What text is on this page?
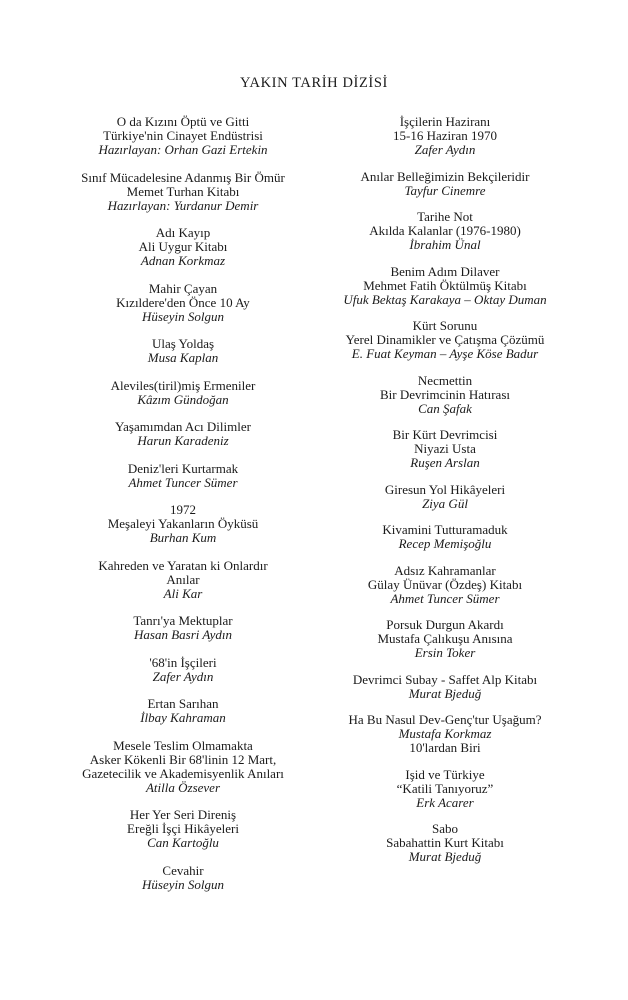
YAKIN TARİH DİZİSİ
O da Kızını Öptü ve Gitti
Türkiye'nin Cinayet Endüstrisi
Hazırlayan: Orhan Gazi Ertekin
Sınıf Mücadelesine Adanmış Bir Ömür
Memet Turhan Kitabı
Hazırlayan: Yurdanur Demir
Adı Kayıp
Ali Uygur Kitabı
Adnan Korkmaz
Mahir Çayan
Kızıldere'den Önce 10 Ay
Hüseyin Solgun
Ulaş Yoldaş
Musa Kaplan
Aleviles(tiril)miş Ermeniler
Kâzım Gündoğan
Yaşamımdan Acı Dilimler
Harun Karadeniz
Deniz'leri Kurtarmak
Ahmet Tuncer Sümer
1972
Meşaleyi Yakanların Öyküsü
Burhan Kum
Kahreden ve Yaratan ki Onlardır
Anılar
Ali Kar
Tanrı'ya Mektuplar
Hasan Basri Aydın
'68'in İşçileri
Zafer Aydın
Ertan Sarıhan
İlbay Kahraman
Mesele Teslim Olmamakta
Asker Kökenli Bir 68'linin 12 Mart,
Gazetecilik ve Akademisyenlik Anıları
Atilla Özsever
Her Yer Seri Direniş
Ereğli İşçi Hikâyeleri
Can Kartoğlu
Cevahir
Hüseyin Solgun
İşçilerin Haziranı
15-16 Haziran 1970
Zafer Aydın
Anılar Belleğimizin Bekçileridir
Tayfur Cinemre
Tarihe Not
Akılda Kalanlar (1976-1980)
İbrahim Ünal
Benim Adım Dilaver
Mehmet Fatih Öktülmüş Kitabı
Ufuk Bektaş Karakaya – Oktay Duman
Kürt Sorunu
Yerel Dinamikler ve Çatışma Çözümü
E. Fuat Keyman – Ayşe Köse Badur
Necmettin
Bir Devrimcinin Hatırası
Can Şafak
Bir Kürt Devrimcisi
Niyazi Usta
Ruşen Arslan
Giresun Yol Hikâyeleri
Ziya Gül
Kivamini Tutturamaduk
Recep Memişoğlu
Adsız Kahramanlar
Gülay Ünüvar (Özdeş) Kitabı
Ahmet Tuncer Sümer
Porsuk Durgun Akardı
Mustafa Çalıkuşu Anısına
Ersin Toker
Devrimci Subay - Saffet Alp Kitabı
Murat Bjeduğ
Ha Bu Nasul Dev-Genç'tur Uşağum?
Mustafa Korkmaz
10'lardan Biri
Işid ve Türkiye
“Katili Tanıyoruz”
Erk Acarer
Sabo
Sabahattin Kurt Kitabı
Murat Bjeduğ
